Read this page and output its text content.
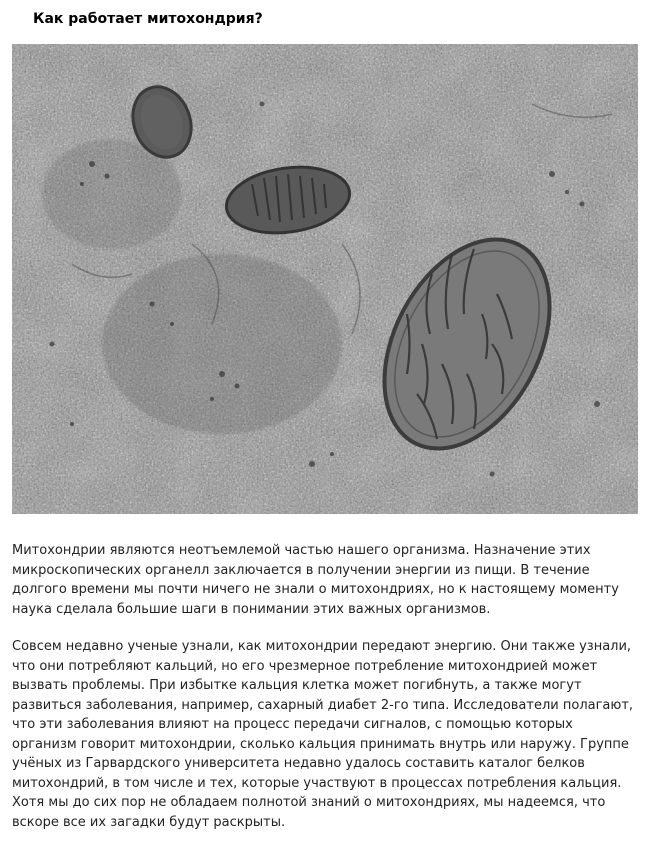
Как работает митохондрия?

Митохондрии являются неотъемлемой частью нашего организма. Назначение этих микроскопических органелл заключается в получении энергии из пищи. В течение долгого времени мы почти ничего не знали о митохондриях, но к настоящему моменту наука сделала большие шаги в понимании этих важных организмов.

Совсем недавно ученые узнали, как митохондрии передают энергию. Они также узнали, что они потребляют кальций, но его чрезмерное потребление митохондрией может вызвать проблемы. При избытке кальция клетка может погибнуть, а также могут развиться заболевания, например, сахарный диабет 2-го типа. Исследователи полагают, что эти заболевания влияют на процесс передачи сигналов, с помощью которых организм говорит митохондрии, сколько кальция принимать внутрь или наружу. Группе учёных из Гарвардского университета недавно удалось составить каталог белков митохондрий, в том числе и тех, которые участвуют в процессах потребления кальция. Хотя мы до сих пор не обладаем полнотой знаний о митохондриях, мы надеемся, что вскоре все их загадки будут раскрыты.
